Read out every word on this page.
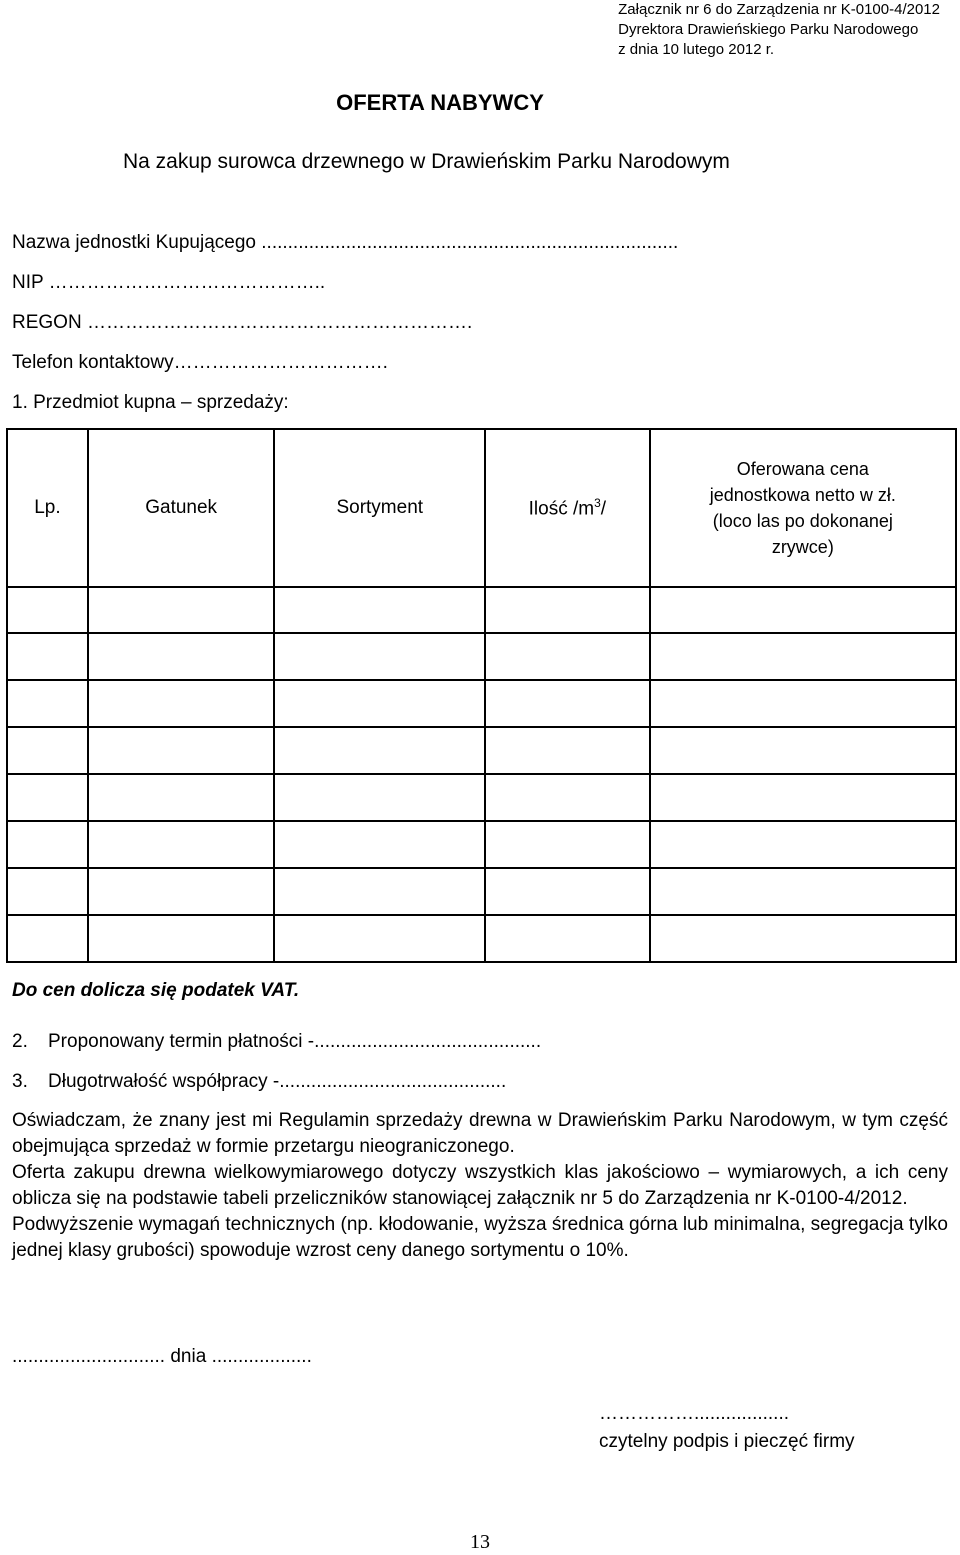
Załącznik nr 6 do Zarządzenia nr K-0100-4/2012
Dyrektora Drawieńskiego Parku Narodowego
z dnia 10 lutego 2012 r.
OFERTA NABYWCY
Na zakup surowca drzewnego w Drawieńskim Parku Narodowym
Nazwa jednostki Kupującego ...............................................................................
NIP ……………………………………..
REGON …………………………………………………….
Telefon kontaktowy…………………………….
1. Przedmiot kupna – sprzedaży:
Lp.	Gatunek	Sortyment	Ilość $/m^3/$	Oferowana cena
jednostkowa netto w zł.
(loco las po dokonanej
zrywce)

Do cen dolicza się podatek VAT.
2. Proponowany termin płatności -...........................................
3. Długotrwałość współpracy -...........................................

Oświadczam, że znany jest mi Regulamin sprzedaży drewna w Drawieńskim Parku Narodowym, w tym część obejmująca sprzedaż w formie przetargu nieograniczonego.

Oferta zakupu drewna wielkowymiarowego dotyczy wszystkich klas jakościowo – wymiarowych, a ich ceny oblicza się na podstawie tabeli przeliczników stanowiącej załącznik nr 5 do Zarządzenia nr K-0100-4/2012.

Podwyższenie wymagań technicznych (np. kłodowanie, wyższa średnica górna lub minimalna, segregacja tylko jednej klasy grubości) spowoduje wzrost ceny danego sortymentu o 10%.

............................. dnia ...................
……………..................
czytelny podpis i pieczęć firmy
13
